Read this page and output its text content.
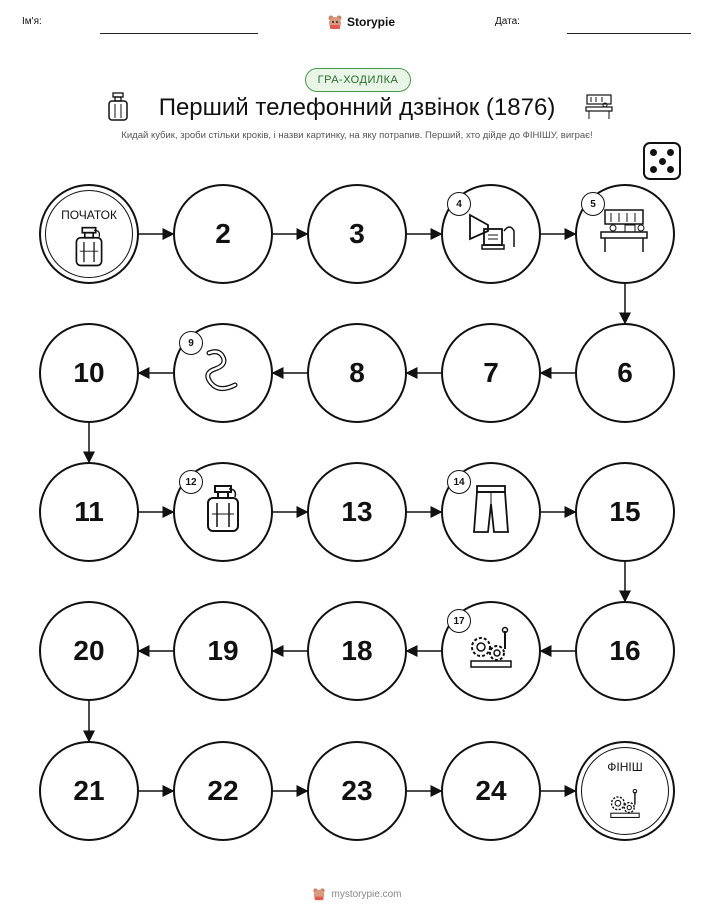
Ім'я:	Storypie	Дата:
ГРА-ХОДИЛКА
Перший телефонний дзвінок (1876)
Кидай кубик, зроби стільки кроків, і назви картинку, на яку потрапив. Перший, хто дійде до ФІНІШУ, виграє!
ПОЧАТОК
2	3
4	5
6
7
8
9
10
11
12
13
14
15
16
17
18
19
20
21	22	23	24
ФІНІШ
mystorypie.com
